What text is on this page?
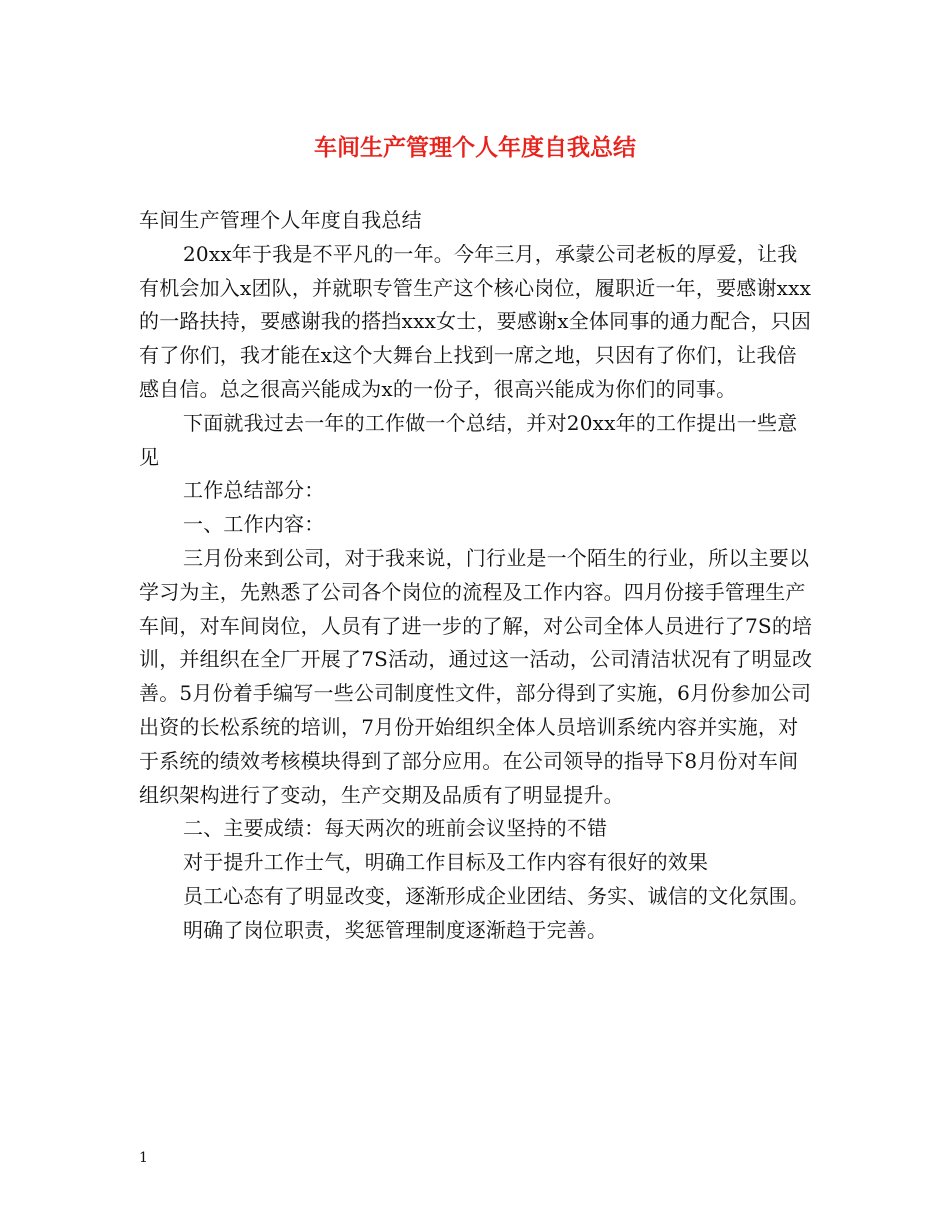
车间生产管理个人年度自我总结

车间生产管理个人年度自我总结

20xx年于我是不平凡的一年。今年三月，承蒙公司老板的厚爱，让我有机会加入x团队，并就职专管生产这个核心岗位，履职近一年，要感谢xxx的一路扶持，要感谢我的搭挡xxx女士，要感谢x全体同事的通力配合，只因有了你们，我才能在x这个大舞台上找到一席之地，只因有了你们，让我倍感自信。总之很高兴能成为x的一份子，很高兴能成为你们的同事。

下面就我过去一年的工作做一个总结，并对20xx年的工作提出一些意见

工作总结部分：

一、工作内容：

三月份来到公司，对于我来说，门行业是一个陌生的行业，所以主要以学习为主，先熟悉了公司各个岗位的流程及工作内容。四月份接手管理生产车间，对车间岗位，人员有了进一步的了解，对公司全体人员进行了7S的培训，并组织在全厂开展了7S活动，通过这一活动，公司清洁状况有了明显改善。5月份着手编写一些公司制度性文件，部分得到了实施，6月份参加公司出资的长松系统的培训，7月份开始组织全体人员培训系统内容并实施，对于系统的绩效考核模块得到了部分应用。在公司领导的指导下8月份对车间组织架构进行了变动，生产交期及品质有了明显提升。

二、主要成绩：每天两次的班前会议坚持的不错

对于提升工作士气，明确工作目标及工作内容有很好的效果

员工心态有了明显改变，逐渐形成企业团结、务实、诚信的文化氛围。

明确了岗位职责，奖惩管理制度逐渐趋于完善。

1
